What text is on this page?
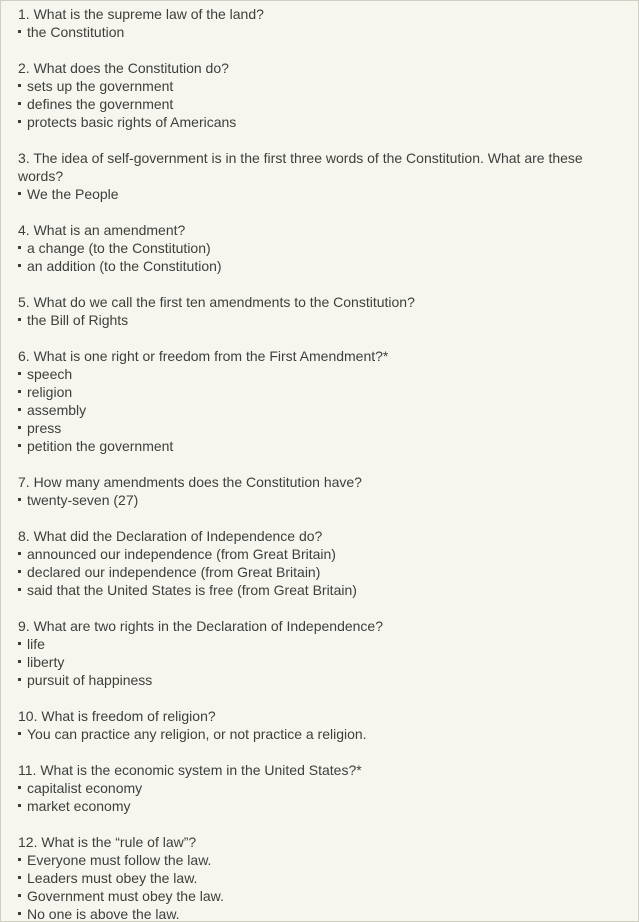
1. What is the supreme law of the land?
the Constitution
2. What does the Constitution do?
sets up the government
defines the government
protects basic rights of Americans
3. The idea of self-government is in the first three words of the Constitution. What are these words?
We the People
4. What is an amendment?
a change (to the Constitution)
an addition (to the Constitution)
5. What do we call the first ten amendments to the Constitution?
the Bill of Rights
6. What is one right or freedom from the First Amendment?*
speech
religion
assembly
press
petition the government
7. How many amendments does the Constitution have?
twenty-seven (27)
8. What did the Declaration of Independence do?
announced our independence (from Great Britain)
declared our independence (from Great Britain)
said that the United States is free (from Great Britain)
9. What are two rights in the Declaration of Independence?
life
liberty
pursuit of happiness
10. What is freedom of religion?
You can practice any religion, or not practice a religion.
11. What is the economic system in the United States?*
capitalist economy
market economy
12. What is the “rule of law”?
Everyone must follow the law.
Leaders must obey the law.
Government must obey the law.
No one is above the law.
